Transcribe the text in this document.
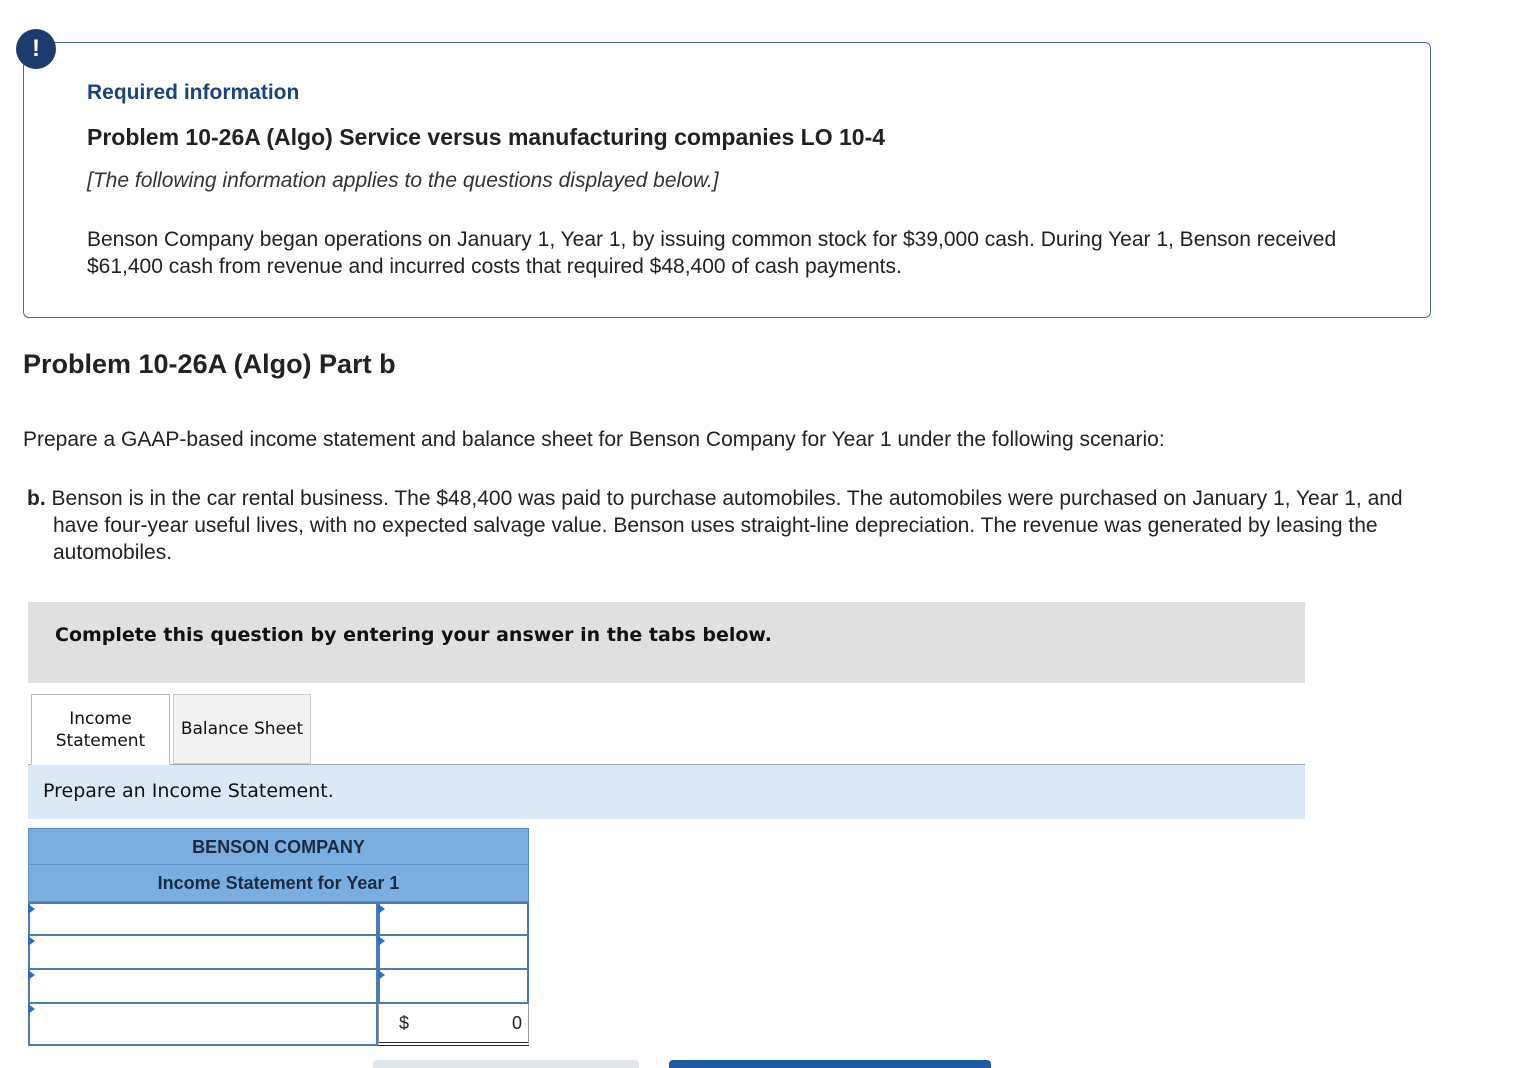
!
Required information
Problem 10-26A (Algo) Service versus manufacturing companies LO 10-4
[The following information applies to the questions displayed below.]
Benson Company began operations on January 1, Year 1, by issuing common stock for $39,000 cash. During Year 1, Benson received $61,400 cash from revenue and incurred costs that required $48,400 of cash payments.
Problem 10-26A (Algo) Part b
Prepare a GAAP-based income statement and balance sheet for Benson Company for Year 1 under the following scenario:
b. Benson is in the car rental business. The $48,400 was paid to purchase automobiles. The automobiles were purchased on January 1, Year 1, and have four-year useful lives, with no expected salvage value. Benson uses straight-line depreciation. The revenue was generated by leasing the automobiles.
Complete this question by entering your answer in the tabs below.
Income
Statement
Balance Sheet
Prepare an Income Statement.
BENSON COMPANY
Income Statement for Year 1
$	0
